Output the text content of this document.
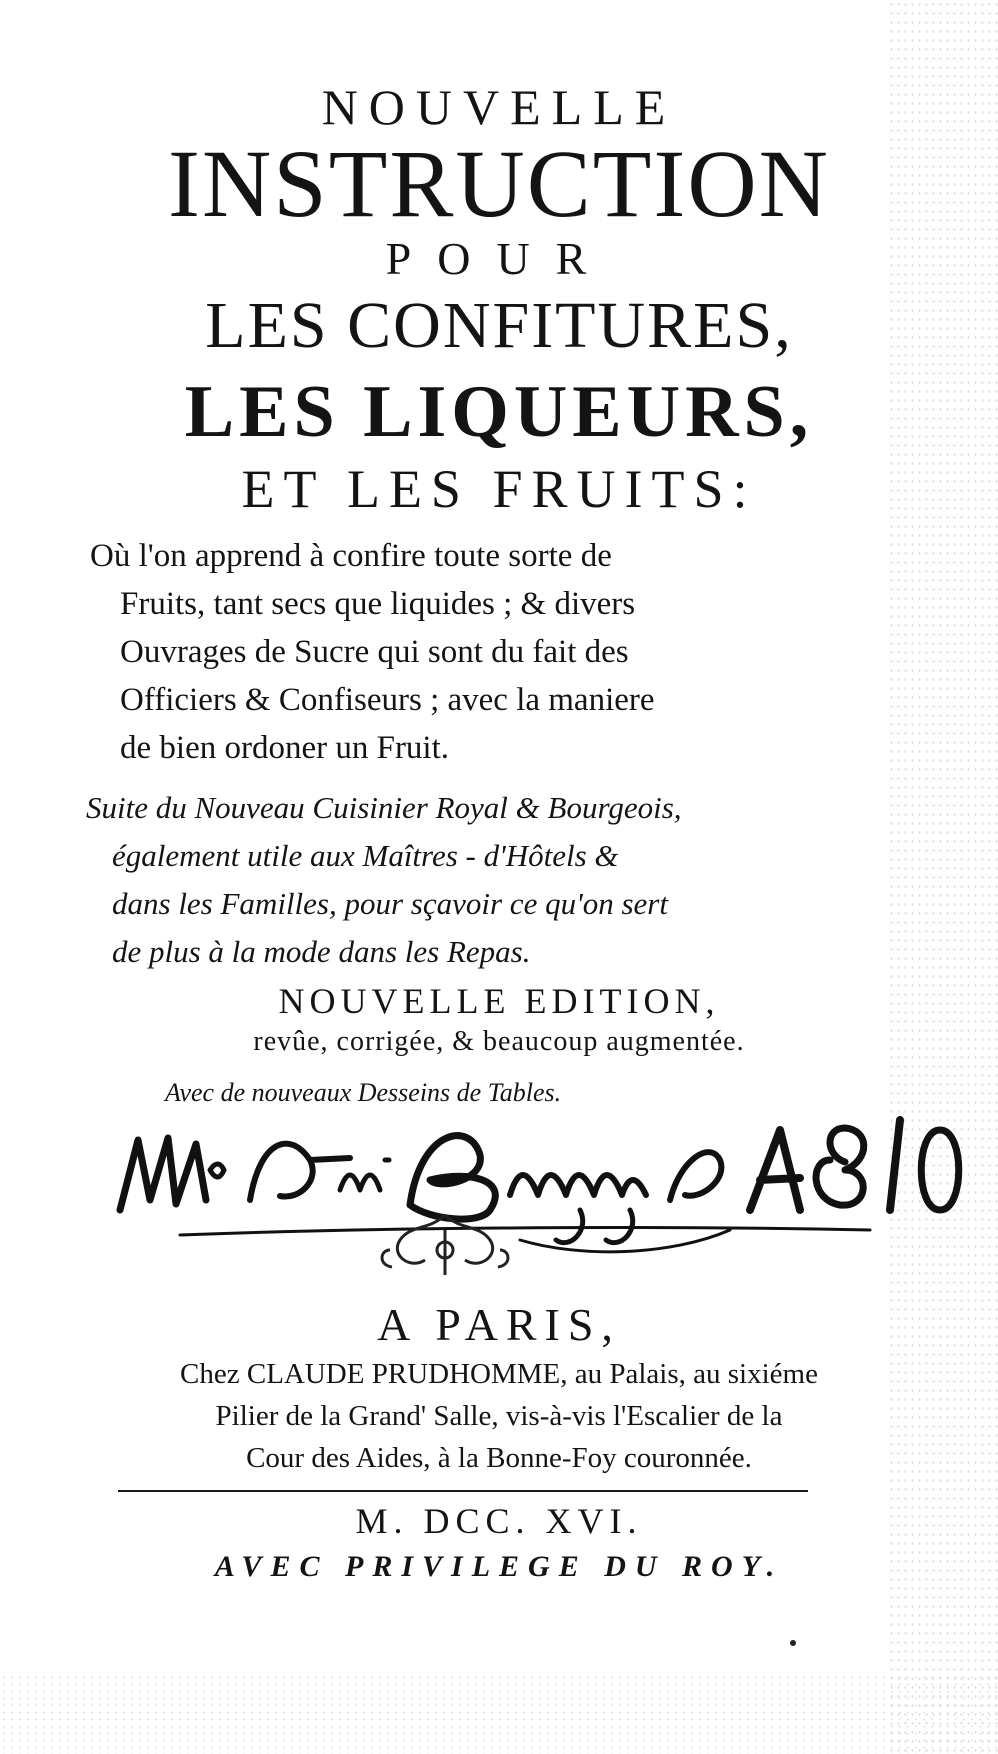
NOUVELLE
INSTRUCTION
POUR
LES CONFITURES,
LES LIQUEURS,
ET LES FRUITS:
Où l'on apprend à confire toute sorte de
Fruits, tant secs que liquides ; & divers
Ouvrages de Sucre qui sont du fait des
Officiers & Confiseurs ; avec la maniere
de bien ordoner un Fruit.
Suite du Nouveau Cuisinier Royal & Bourgeois,
également utile aux Maîtres - d'Hôtels &
dans les Familles, pour sçavoir ce qu'on sert
de plus à la mode dans les Repas.
NOUVELLE EDITION,
revûe, corrigée, & beaucoup augmentée.
Avec de nouveaux Desseins de Tables.
A PARIS,
Chez CLAUDE PRUDHOMME, au Palais, au sixiéme
Pilier de la Grand' Salle, vis-à-vis l'Escalier de la
Cour des Aides, à la Bonne-Foy couronnée.
M. DCC. XVI.
AVEC PRIVILEGE DU ROY.
